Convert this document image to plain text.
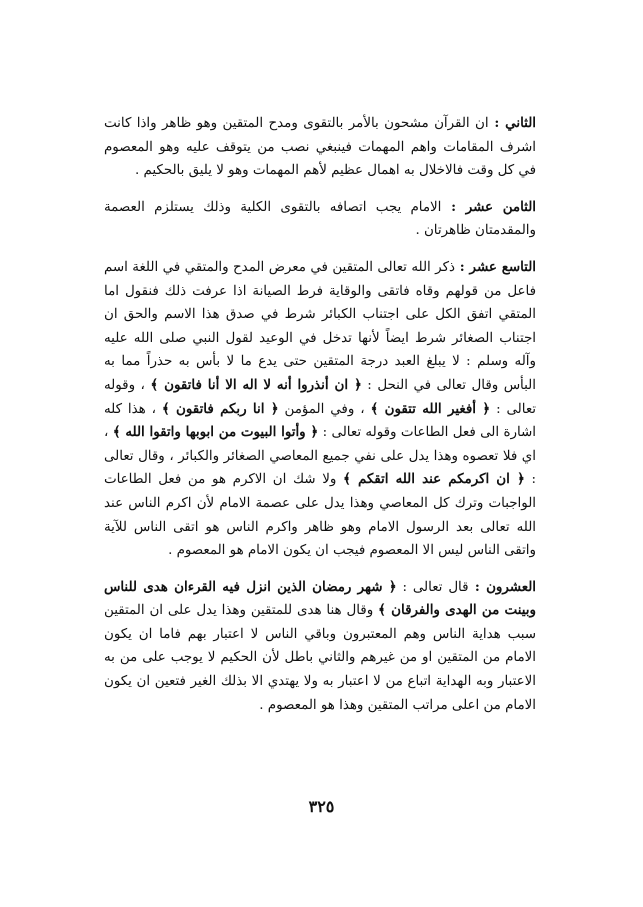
الثاني : ان القرآن مشحون بالأمر بالتقوى ومدح المتقين وهو ظاهر واذا كانت اشرف المقامات واهم المهمات فينبغي نصب من يتوقف عليه وهو المعصوم في كل وقت فالاخلال به اهمال عظيم لأهم المهمات وهو لا يليق بالحكيم .

الثامن عشر : الامام يجب اتصافه بالتقوى الكلية وذلك يستلزم العصمة والمقدمتان ظاهرتان .

التاسع عشر : ذكر الله تعالى المتقين في معرض المدح والمتقي في اللغة اسم فاعل من قولهم وقاه فاتقى والوقاية فرط الصيانة اذا عرفت ذلك فنقول اما المتقي اتفق الكل على اجتناب الكبائر شرط في صدق هذا الاسم والحق ان اجتناب الصغائر شرط ايضاً لأنها تدخل في الوعيد لقول النبي صلى الله عليه وآله وسلم : لا يبلغ العبد درجة المتقين حتى يدع ما لا بأس به حذراً مما به البأس وقال تعالى في النحل : ﴿ ان أنذروا أنه لا اله الا أنا فاتقون ﴾ ، وقوله تعالى : ﴿ أفغير الله تتقون ﴾ ، وفي المؤمن ﴿ انا ربكم فاتقون ﴾ ، هذا كله اشارة الى فعل الطاعات وقوله تعالى : ﴿ وأتوا البيوت من ابوبها واتقوا الله ﴾ ، اي فلا تعصوه وهذا يدل على نفي جميع المعاصي الصغائر والكبائر ، وقال تعالى : ﴿ ان اكرمكم عند الله اتقكم ﴾ ولا شك ان الاكرم هو من فعل الطاعات الواجبات وترك كل المعاصي وهذا يدل على عصمة الامام لأن اكرم الناس عند الله تعالى بعد الرسول الامام وهو ظاهر واكرم الناس هو اتقى الناس للآية واتقى الناس ليس الا المعصوم فيجب ان يكون الامام هو المعصوم .

العشرون : قال تعالى : ﴿ شهر رمضان الذين انزل فيه القرءان هدى للناس وبينت من الهدى والفرقان ﴾ وقال هنا هدى للمتقين وهذا يدل على ان المتقين سبب هداية الناس وهم المعتبرون وباقي الناس لا اعتبار بهم فاما ان يكون الامام من المتقين او من غيرهم والثاني باطل لأن الحكيم لا يوجب على من به الاعتبار وبه الهداية اتباع من لا اعتبار به ولا يهتدي الا بذلك الغير فتعين ان يكون الامام من اعلى مراتب المتقين وهذا هو المعصوم .

٣٢٥
